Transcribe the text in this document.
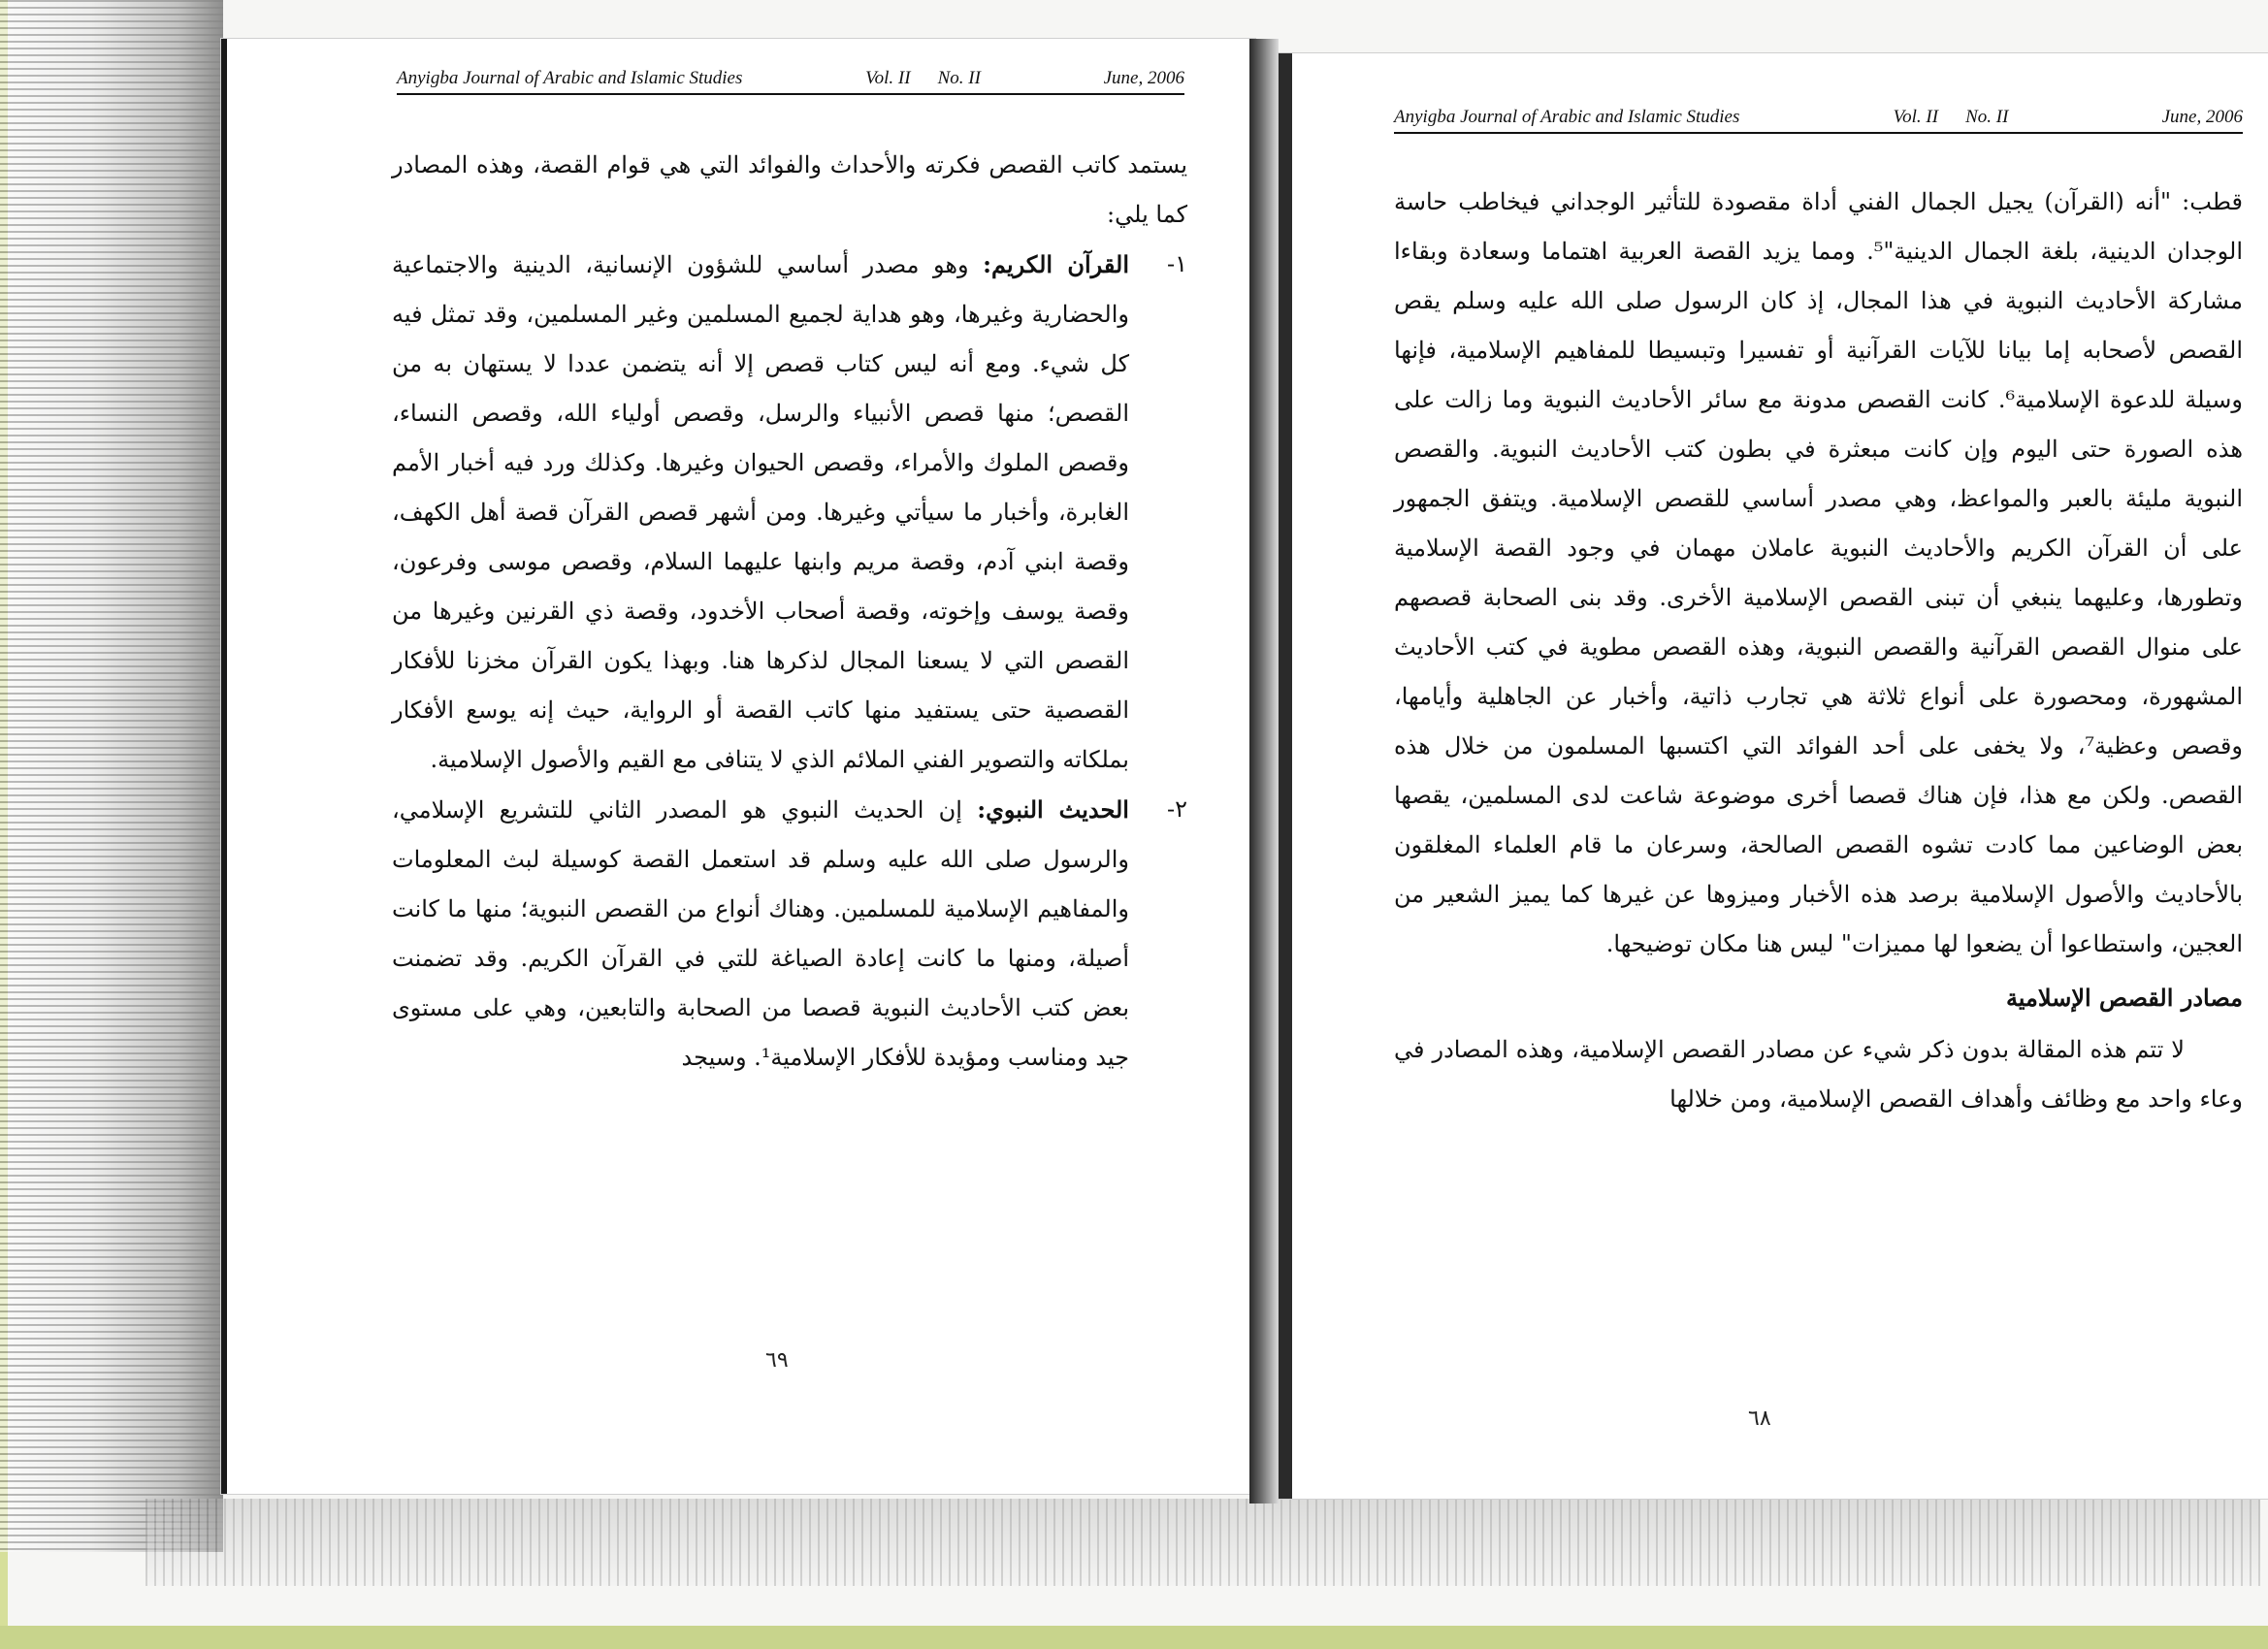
Anyigba Journal of Arabic and Islamic Studies	Vol. II No. II	June, 2006

يستمد كاتب القصص فكرته والأحداث والفوائد التي هي قوام القصة، وهذه المصادر كما يلي:

١-
القرآن الكريم: وهو مصدر أساسي للشؤون الإنسانية، الدينية والاجتماعية والحضارية وغيرها، وهو هداية لجميع المسلمين وغير المسلمين، وقد تمثل فيه كل شيء. ومع أنه ليس كتاب قصص إلا أنه يتضمن عددا لا يستهان به من القصص؛ منها قصص الأنبياء والرسل، وقصص أولياء الله، وقصص النساء، وقصص الملوك والأمراء، وقصص الحيوان وغيرها. وكذلك ورد فيه أخبار الأمم الغابرة، وأخبار ما سيأتي وغيرها. ومن أشهر قصص القرآن قصة أهل الكهف، وقصة ابني آدم، وقصة مريم وابنها عليهما السلام، وقصص موسى وفرعون، وقصة يوسف وإخوته، وقصة أصحاب الأخدود، وقصة ذي القرنين وغيرها من القصص التي لا يسعنا المجال لذكرها هنا. وبهذا يكون القرآن مخزنا للأفكار القصصية حتى يستفيد منها كاتب القصة أو الرواية، حيث إنه يوسع الأفكار بملكاته والتصوير الفني الملائم الذي لا يتنافى مع القيم والأصول الإسلامية.
٢-
الحديث النبوي: إن الحديث النبوي هو المصدر الثاني للتشريع الإسلامي، والرسول صلى الله عليه وسلم قد استعمل القصة كوسيلة لبث المعلومات والمفاهيم الإسلامية للمسلمين. وهناك أنواع من القصص النبوية؛ منها ما كانت أصيلة، ومنها ما كانت إعادة الصياغة للتي في القرآن الكريم. وقد تضمنت بعض كتب الأحاديث النبوية قصصا من الصحابة والتابعين، وهي على مستوى جيد ومناسب ومؤيدة للأفكار الإسلامية¹. وسيجد
٦٩
Anyigba Journal of Arabic and Islamic Studies	Vol. II No. II	June, 2006

قطب: "أنه (القرآن) يجيل الجمال الفني أداة مقصودة للتأثير الوجداني فيخاطب حاسة الوجدان الدينية، بلغة الجمال الدينية"⁵. ومما يزيد القصة العربية اهتماما وسعادة وبقاءا مشاركة الأحاديث النبوية في هذا المجال، إذ كان الرسول صلى الله عليه وسلم يقص القصص لأصحابه إما بيانا للآيات القرآنية أو تفسيرا وتبسيطا للمفاهيم الإسلامية، فإنها وسيلة للدعوة الإسلامية⁶. كانت القصص مدونة مع سائر الأحاديث النبوية وما زالت على هذه الصورة حتى اليوم وإن كانت مبعثرة في بطون كتب الأحاديث النبوية. والقصص النبوية مليئة بالعبر والمواعظ، وهي مصدر أساسي للقصص الإسلامية. ويتفق الجمهور على أن القرآن الكريم والأحاديث النبوية عاملان مهمان في وجود القصة الإسلامية وتطورها، وعليهما ينبغي أن تبنى القصص الإسلامية الأخرى. وقد بنى الصحابة قصصهم على منوال القصص القرآنية والقصص النبوية، وهذه القصص مطوية في كتب الأحاديث المشهورة، ومحصورة على أنواع ثلاثة هي تجارب ذاتية، وأخبار عن الجاهلية وأيامها، وقصص وعظية⁷، ولا يخفى على أحد الفوائد التي اكتسبها المسلمون من خلال هذه القصص. ولكن مع هذا، فإن هناك قصصا أخرى موضوعة شاعت لدى المسلمين، يقصها بعض الوضاعين مما كادت تشوه القصص الصالحة، وسرعان ما قام العلماء المغلقون بالأحاديث والأصول الإسلامية برصد هذه الأخبار وميزوها عن غيرها كما يميز الشعير من العجين، واستطاعوا أن يضعوا لها مميزات" ليس هنا مكان توضيحها.

مصادر القصص الإسلامية

لا تتم هذه المقالة بدون ذكر شيء عن مصادر القصص الإسلامية، وهذه المصادر في وعاء واحد مع وظائف وأهداف القصص الإسلامية، ومن خلالها

٦٨
